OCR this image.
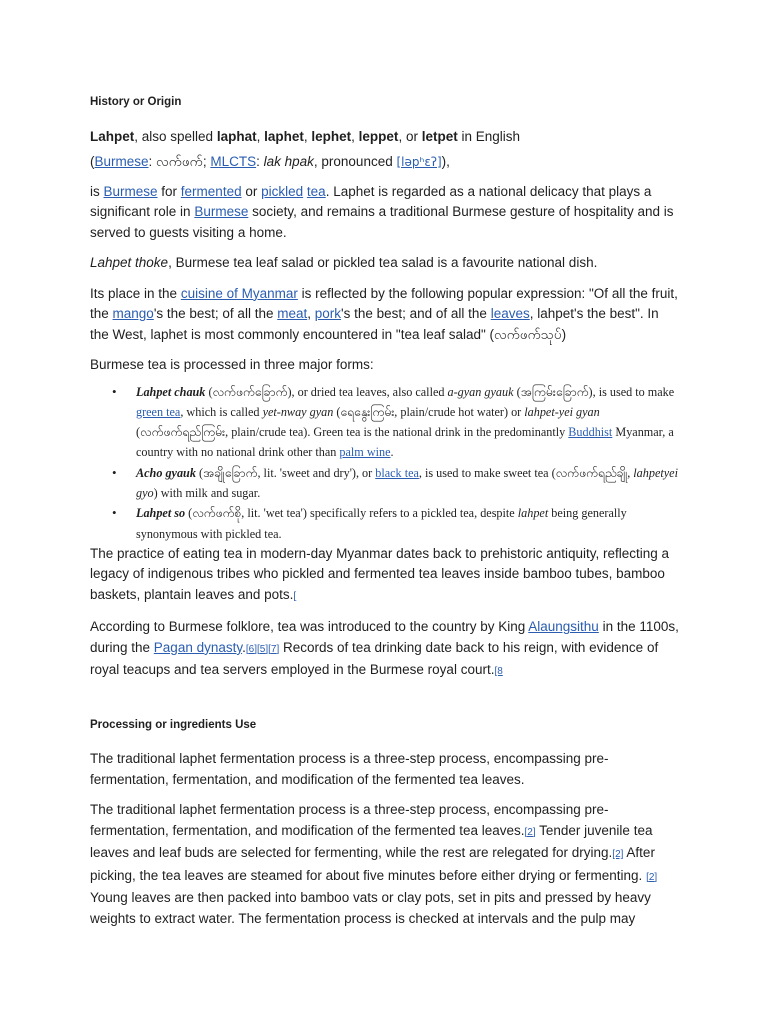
History or Origin

Lahpet, also spelled laphat, laphet, lephet, leppet, or letpet in English

(Burmese: လက်ဖက်; MLCTS: lak hpak, pronounced [ləpʰɛʔ]),

is Burmese for fermented or pickled tea. Laphet is regarded as a national delicacy that plays a significant role in Burmese society, and remains a traditional Burmese gesture of hospitality and is served to guests visiting a home.

Lahpet thoke, Burmese tea leaf salad or pickled tea salad is a favourite national dish.

Its place in the cuisine of Myanmar is reflected by the following popular expression: "Of all the fruit, the mango's the best; of all the meat, pork's the best; and of all the leaves, lahpet's the best". In the West, laphet is most commonly encountered in "tea leaf salad" (လက်ဖက်သုပ်)

Burmese tea is processed in three major forms:

• Lahpet chauk (လက်ဖက်ခြောက်), or dried tea leaves, also called a-gyan gyauk (အကြမ်းခြောက်), is used to make green tea, which is called yet-nway gyan (ရေနွေးကြမ်း, plain/crude hot water) or lahpet-yei gyan (လက်ဖက်ရည်ကြမ်း, plain/crude tea). Green tea is the national drink in the predominantly Buddhist Myanmar, a country with no national drink other than palm wine.
• Acho gyauk (အချိုခြောက်, lit. 'sweet and dry'), or black tea, is used to make sweet tea (လက်ဖက်ရည်ချို, lahpetyei gyo) with milk and sugar.
• Lahpet so (လက်ဖက်စို, lit. 'wet tea') specifically refers to a pickled tea, despite lahpet being generally synonymous with pickled tea.

The practice of eating tea in modern-day Myanmar dates back to prehistoric antiquity, reflecting a legacy of indigenous tribes who pickled and fermented tea leaves inside bamboo tubes, bamboo baskets, plantain leaves and pots.[

According to Burmese folklore, tea was introduced to the country by King Alaungsithu in the 1100s, during the Pagan dynasty.[6][5][7] Records of tea drinking date back to his reign, with evidence of royal teacups and tea servers employed in the Burmese royal court.[8

Processing or ingredients Use

The traditional laphet fermentation process is a three-step process, encompassing pre-fermentation, fermentation, and modification of the fermented tea leaves.

The traditional laphet fermentation process is a three-step process, encompassing pre-fermentation, fermentation, and modification of the fermented tea leaves.[2] Tender juvenile tea leaves and leaf buds are selected for fermenting, while the rest are relegated for drying.[2] After picking, the tea leaves are steamed for about five minutes before either drying or fermenting. [2] Young leaves are then packed into bamboo vats or clay pots, set in pits and pressed by heavy weights to extract water. The fermentation process is checked at intervals and the pulp may
